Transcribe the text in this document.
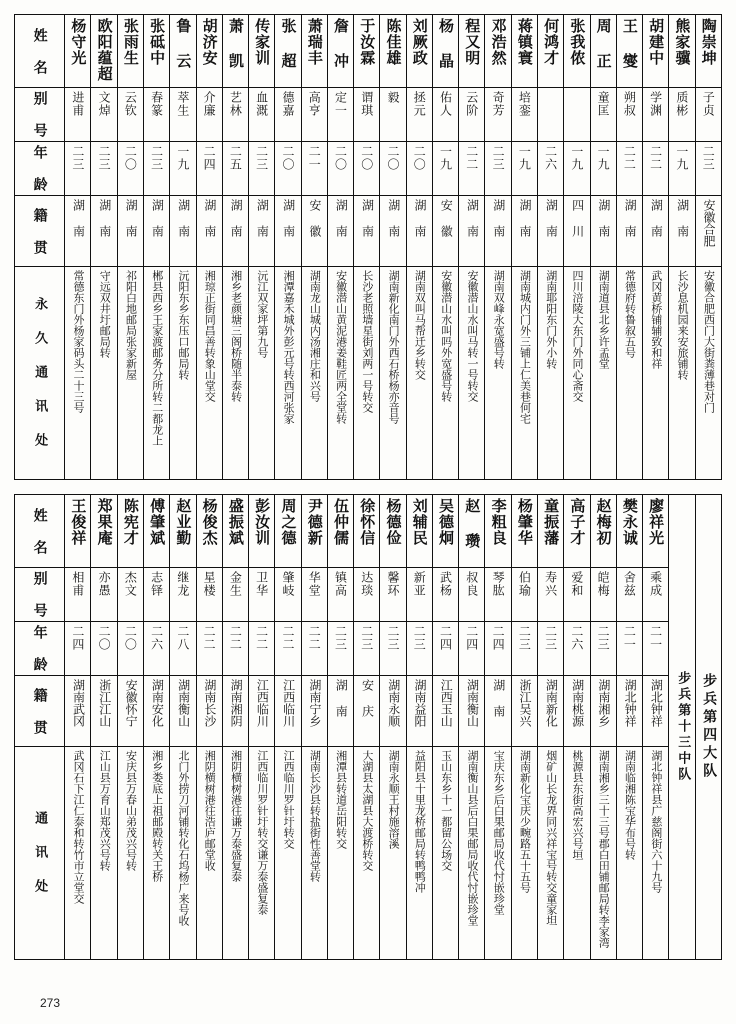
姓 名	杨守光	欧阳蕴超	张雨生	张砥中	鲁 云	胡济安	萧 凯	传家训	张 超	萧瑞丰	詹 冲	于汝霖	陈佳雄	刘厥政	杨 晶	程又明	邓浩然	蒋镇寰	何鸿才	张我侬	周 正	王 燮	胡建中	熊家骥	陶崇坤

别 号	进甫	文焯	云钦	春篆	萃生	介廉	艺林	血溉	德嘉	高亨	定一	谓琪	毅	拯元	佑人	云阶	奇芳	培銮			童匡	朔叔	学渊	质彬	子贞

年 龄	二三	二三	二〇	二三	一九	二四	二五	二三	二〇	二一	二〇	二〇	二〇	二〇	一九	二二	二三	一九	二六	一九	一九	二二	二二	一九	二三

籍 贯	湖 南	湖 南	湖 南	湖 南	湖 南	湖 南	湖 南	湖 南	湖 南	安 徽	湖 南	湖 南	湖 南	湖 南	安 徽	湖 南	湖 南	湖 南	湖 南	四 川	湖 南	湖 南	湖 南	湖 南	安徽合肥

永 久 通 讯 处	常德东门外杨家码头二十三号	守远双井圩邮局转	祁阳白地邮局张家新屋	郴县西乡王家渡邮务分所转二都龙上	沅阳东乡东压口邮局转	湘琼正街同昌善转象山堂交	湘乡老颜塘三阁桥随半泰转	沅江双家坪第九号	湘潭嘉禾城外彭元号转西河张家	湖南龙山城内汤湘庄和兴号	安徽潜山黄泥港姜鞋匠两全堂转	长沙老照墙星街刘两一号转交	湖南新化南门外西石桥杨亦音号	湖南双叫马帮迁乡转交	安徽潜山水叫吗外宽盛号转	安徽潜山水叫马转一号转交	湖南双峰永宽盛号转	湖南城内门外三铺上仁美巷何宅	湖南耶阳东门外小转	四川涪陵大东门外同心斋交	湖南道县北乡许孟堂	常德府转鲁叙五号	武冈黄桥铺辅致和祥	长沙息机园来安旅铺转	安徽合肥西门大街粪薄巷对门
姓 名	王俊祥	郑果庵	陈宪才	傅肇斌	赵业勤	杨俊杰	盛振斌	彭汝训	周之德	尹德新	伍仲儒	徐怀信	杨德俭	刘辅民	吴德炯	赵 瓒	李粗良	杨肇华	童振藩	高子才	赵梅初	樊永诚	廖祥光	步兵第十三中队	步兵第四大队

别 号	相甫	亦愚	杰文	志铎	继龙	星楼	金生	卫华	肇岐	华堂	镇高	达琰	馨环	新亚	武杨	叔良	琴肱	伯瑜	寿兴	爱和	皑梅	舍兹	乘成		

年 龄	二四	二〇	二〇	二六	二八	二二	二二	二二	二二	二二	二三	二三	二三	二三	二四	二四	二四	二三	二三	二六	二三	二一	二一		

籍 贯	湖南武冈	浙江江山	安徽怀宁	湖南安化	湖南衡山	湖南长沙	湖南湘阴	江西临川	江西临川	湖南宁乡	湖 南	安 庆	湖南永顺	湖南益阳	江西玉山	湖南衡山	湖 南	浙江吴兴	湖南新化	湖南桃源	湖南湘乡	湖北钟祥	湖北钟祥		

通 讯 处	武冈石下江仁泰和转竹市立堂交	江山县万育山郑茂兴号转	安庆县万春山弟茂兴号转	湘乡娄底上祖邮殿转关王桥	北门外捞刀河铺转化石坞杨广来号收	湘阴横树港往浩庐邮堂收	湘阴横树港往谦万泰盛复泰	江西临川罗针圩转交谦万泰盛复泰	江西临川罗针圩转交	湖南长沙县转盐街性善堂转	湘潭县转道岳阳转交	大湖县太湖县大渡桥转交	湖南永顺王村施溶溪	益阳县十里龙桥邮局转鸭鸭冲	玉山东乡十一都留公场交	湖南衡山县后白果邮局收代忖嵌珍堂	宝庆东乡后白果邮局收代忖嵌珍堂	湖南新化宝庆少畹路五十五号	烟矿山长龙界同兴祥宝号转交童家坦	桃源县东街高宏兴号垣	湖南湘乡三十三号郡白田铺邮局转李家湾	湖南临湘陈宝华布号转	湖北钟祥县广慈阁街六十九号		
273
